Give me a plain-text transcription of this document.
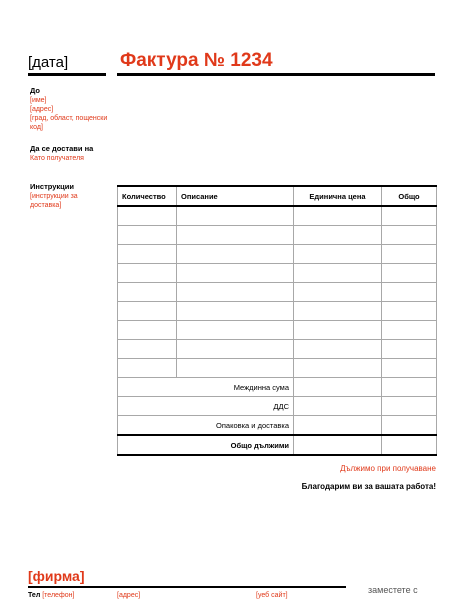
[дата]	Фактура № 1234
До
[име]
[адрес]
[град, област, пощенски код]
Да се достави на
Като получателя
Инструкции
[инструкции за доставка]
Количество	Описание	Единична цена	Общо

Междинна сума			
ДДС			
Опаковка и доставка			
Общо дължими			
Дължимо при получаване
Благодарим ви за вашата работа!
[фирма]
Тел [телефон]	[адрес]	[уеб сайт]
заместете с
